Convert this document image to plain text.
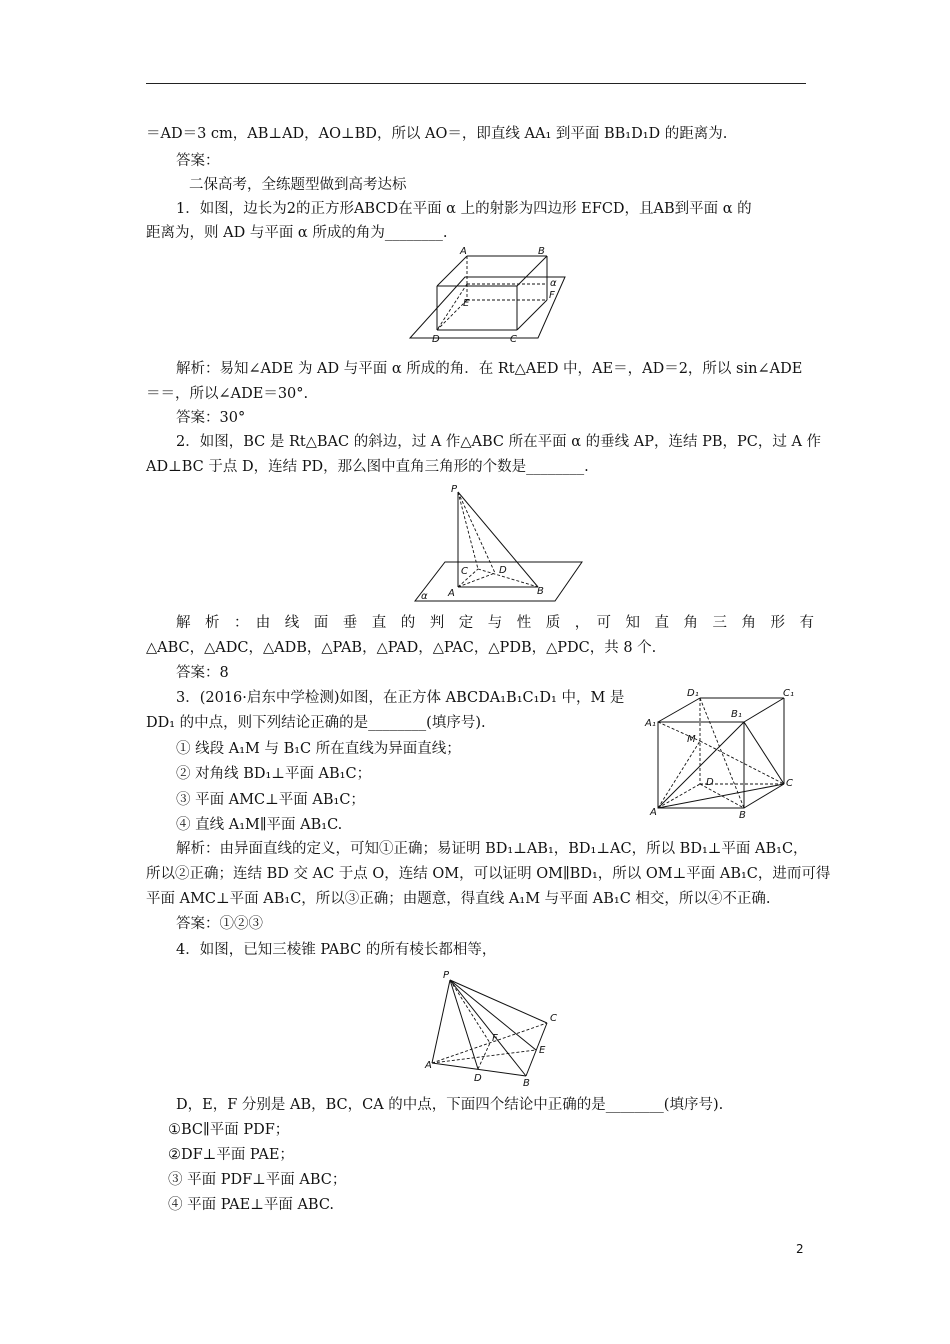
＝AD＝3 cm，AB⊥AD，AO⊥BD，所以 AO＝，即直线 AA₁ 到平面 BB₁D₁D 的距离为.
答案：
二保高考，全练题型做到高考达标
1．如图，边长为2的正方形ABCD在平面 α 上的射影为四边形 EFCD，且AB到平面 α 的
距离为，则 AD 与平面 α 所成的角为________.
解析：易知∠ADE 为 AD 与平面 α 所成的角．在 Rt△AED 中，AE＝，AD＝2，所以 sin∠ADE
＝＝，所以∠ADE＝30°.
答案：30°
2．如图，BC 是 Rt△BAC 的斜边，过 A 作△ABC 所在平面 α 的垂线 AP，连结 PB，PC，过 A 作
AD⊥BC 于点 D，连结 PD，那么图中直角三角形的个数是________.
解　析　：　由　线　面　垂　直　的　判　定　与　性　质　，　可　知　直　角　三　角　形　有
△ABC，△ADC，△ADB，△PAB，△PAD，△PAC，△PDB，△PDC，共 8 个.
答案：8
3．(2016·启东中学检测)如图，在正方体 ABCDA₁B₁C₁D₁ 中，M 是
DD₁ 的中点，则下列结论正确的是________(填序号).
① 线段 A₁M 与 B₁C 所在直线为异面直线；
② 对角线 BD₁⊥平面 AB₁C；
③ 平面 AMC⊥平面 AB₁C；
④ 直线 A₁M∥平面 AB₁C.
解析：由异面直线的定义，可知①正确；易证明 BD₁⊥AB₁，BD₁⊥AC，所以 BD₁⊥平面 AB₁C，
所以②正确；连结 BD 交 AC 于点 O，连结 OM，可以证明 OM∥BD₁，所以 OM⊥平面 AB₁C，进而可得
平面 AMC⊥平面 AB₁C，所以③正确；由题意，得直线 A₁M 与平面 AB₁C 相交，所以④不正确.
答案：①②③
4．如图，已知三棱锥 PABC 的所有棱长都相等，
D，E，F 分别是 AB，BC，CA 的中点，下面四个结论中正确的是________(填序号).
①BC∥平面 PDF；
②DF⊥平面 PAE；
③ 平面 PDF⊥平面 ABC；
④ 平面 PAE⊥平面 ABC.
A	B
E
F
α
D	C
P
C	D
A	B
α
D₁	C₁
A₁
B₁
M
D
A	B
C
P
C
F
E
A
D	B
2
